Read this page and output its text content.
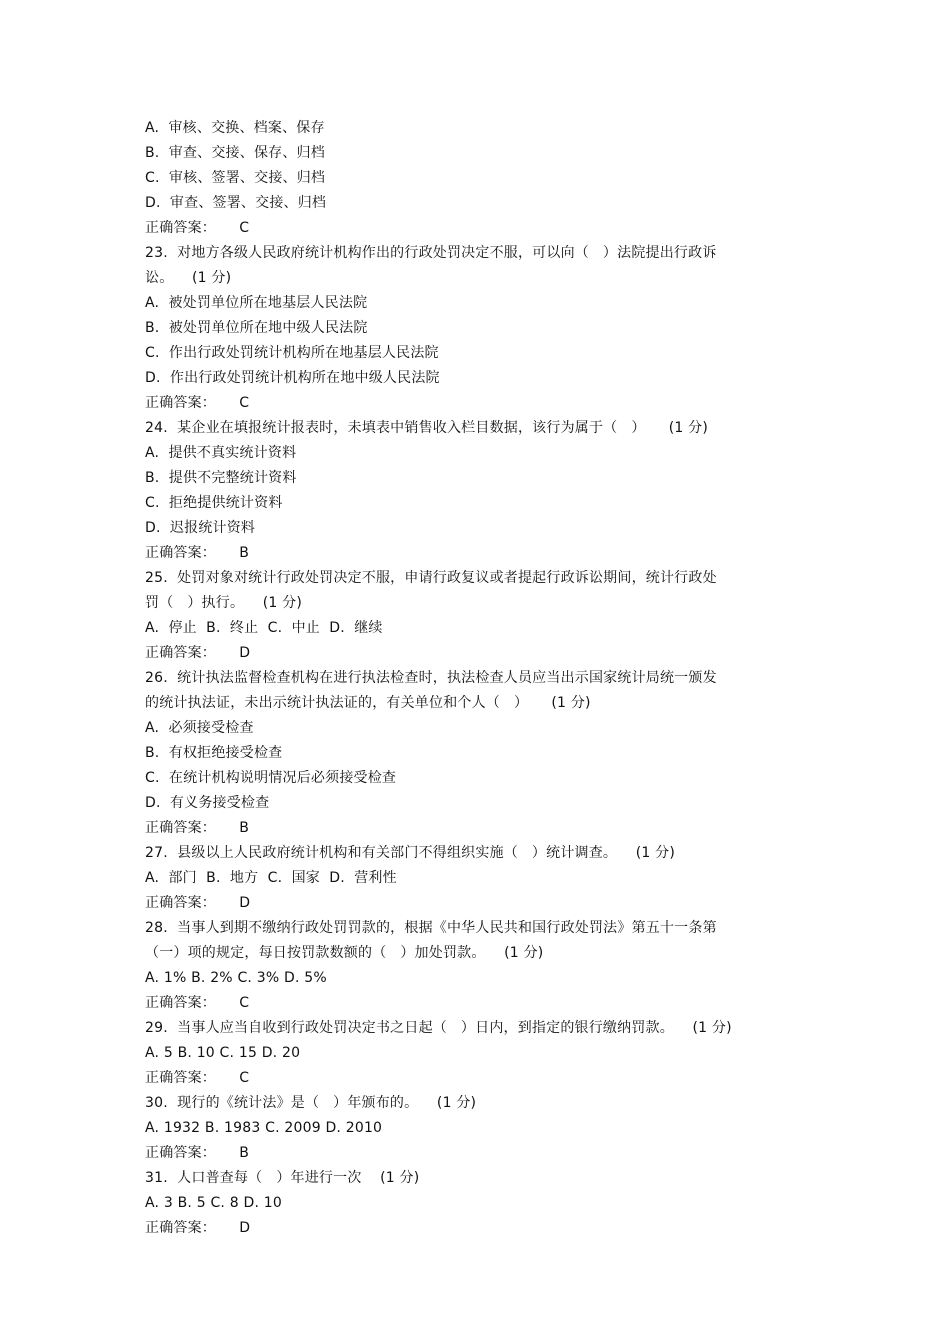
A.  审核、交换、档案、保存
B.  审查、交接、保存、归档
C.  审核、签署、交接、归档
D.  审查、签署、交接、归档
正确答案：     C
23.  对地方各级人民政府统计机构作出的行政处罚决定不服，可以向（   ）法院提出行政诉
讼。    (1 分)
A.  被处罚单位所在地基层人民法院
B.  被处罚单位所在地中级人民法院
C.  作出行政处罚统计机构所在地基层人民法院
D.  作出行政处罚统计机构所在地中级人民法院
正确答案：     C
24.  某企业在填报统计报表时，未填表中销售收入栏目数据，该行为属于（   ）     (1 分)
A.  提供不真实统计资料
B.  提供不完整统计资料
C.  拒绝提供统计资料
D.  迟报统计资料
正确答案：     B
25.  处罚对象对统计行政处罚决定不服，申请行政复议或者提起行政诉讼期间，统计行政处
罚（   ）执行。    (1 分)
A.  停止  B.  终止  C.  中止  D.  继续
正确答案：     D
26.  统计执法监督检查机构在进行执法检查时，执法检查人员应当出示国家统计局统一颁发
的统计执法证，未出示统计执法证的，有关单位和个人（   ）     (1 分)
A.  必须接受检查
B.  有权拒绝接受检查
C.  在统计机构说明情况后必须接受检查
D.  有义务接受检查
正确答案：     B
27.  县级以上人民政府统计机构和有关部门不得组织实施（   ）统计调查。    (1 分)
A.  部门  B.  地方  C.  国家  D.  营利性
正确答案：     D
28.  当事人到期不缴纳行政处罚罚款的，根据《中华人民共和国行政处罚法》第五十一条第
（一）项的规定，每日按罚款数额的（   ）加处罚款。    (1 分)
A. 1% B. 2% C. 3% D. 5%
正确答案：     C
29.  当事人应当自收到行政处罚决定书之日起（   ）日内，到指定的银行缴纳罚款。    (1 分)
A. 5 B. 10 C. 15 D. 20
正确答案：     C
30.  现行的《统计法》是（   ）年颁布的。    (1 分)
A. 1932 B. 1983 C. 2009 D. 2010
正确答案：     B
31.  人口普查每（   ）年进行一次    (1 分)
A. 3 B. 5 C. 8 D. 10
正确答案：     D
